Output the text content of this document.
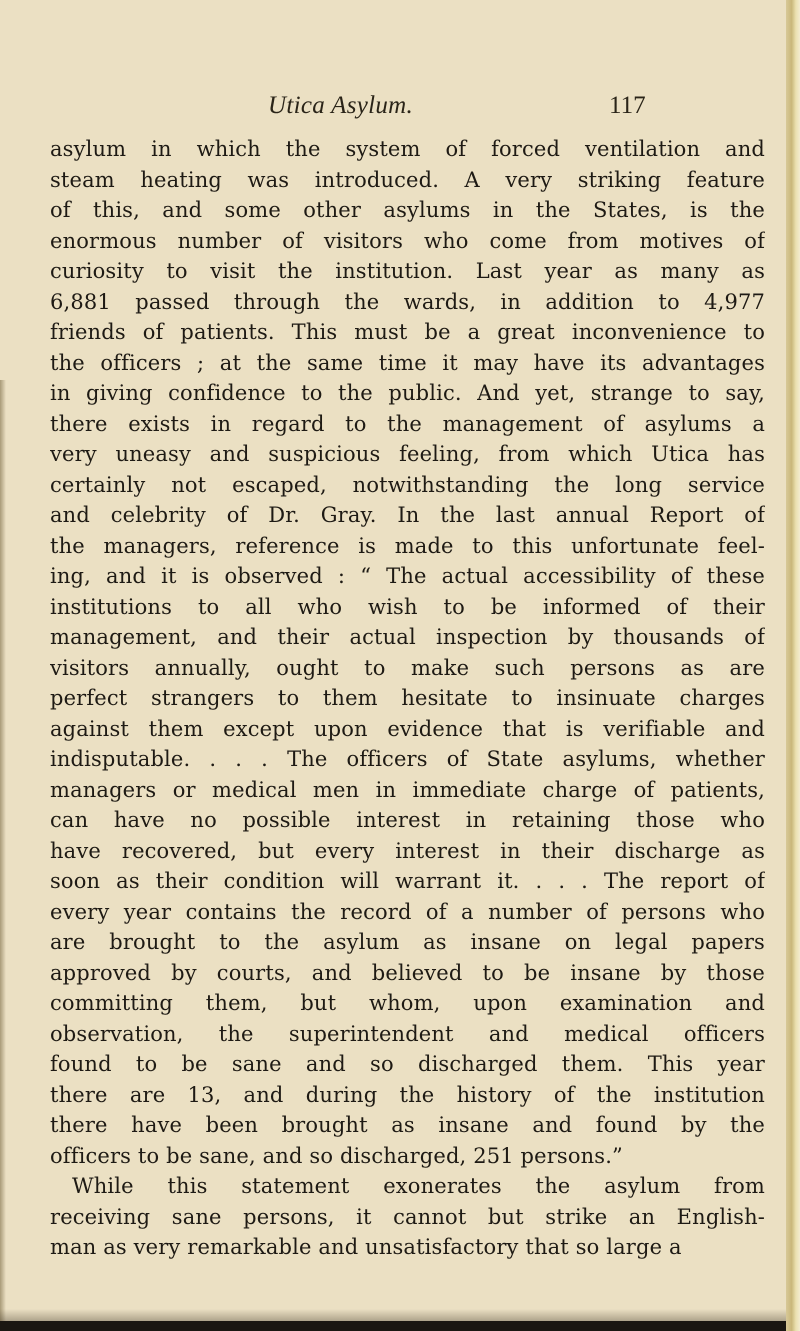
Utica Asylum.	117
asylum in which the system of forced ventilation and
steam heating was introduced. A very striking feature
of this, and some other asylums in the States, is the
enormous number of visitors who come from motives of
curiosity to visit the institution. Last year as many as
6,881 passed through the wards, in addition to 4,977
friends of patients. This must be a great inconvenience to
the officers ; at the same time it may have its advantages
in giving confidence to the public. And yet, strange to say,
there exists in regard to the management of asylums a
very uneasy and suspicious feeling, from which Utica has
certainly not escaped, notwithstanding the long service
and celebrity of Dr. Gray. In the last annual Report of
the managers, reference is made to this unfortunate feel-
ing, and it is observed : “ The actual accessibility of these
institutions to all who wish to be informed of their
management, and their actual inspection by thousands of
visitors annually, ought to make such persons as are
perfect strangers to them hesitate to insinuate charges
against them except upon evidence that is verifiable and
indisputable. . . . The officers of State asylums, whether
managers or medical men in immediate charge of patients,
can have no possible interest in retaining those who
have recovered, but every interest in their discharge as
soon as their condition will warrant it. . . . The report of
every year contains the record of a number of persons who
are brought to the asylum as insane on legal papers
approved by courts, and believed to be insane by those
committing them, but whom, upon examination and
observation, the superintendent and medical officers
found to be sane and so discharged them. This year
there are 13, and during the history of the institution
there have been brought as insane and found by the
officers to be sane, and so discharged, 251 persons.”
While this statement exonerates the asylum from
receiving sane persons, it cannot but strike an English-
man as very remarkable and unsatisfactory that so large a
